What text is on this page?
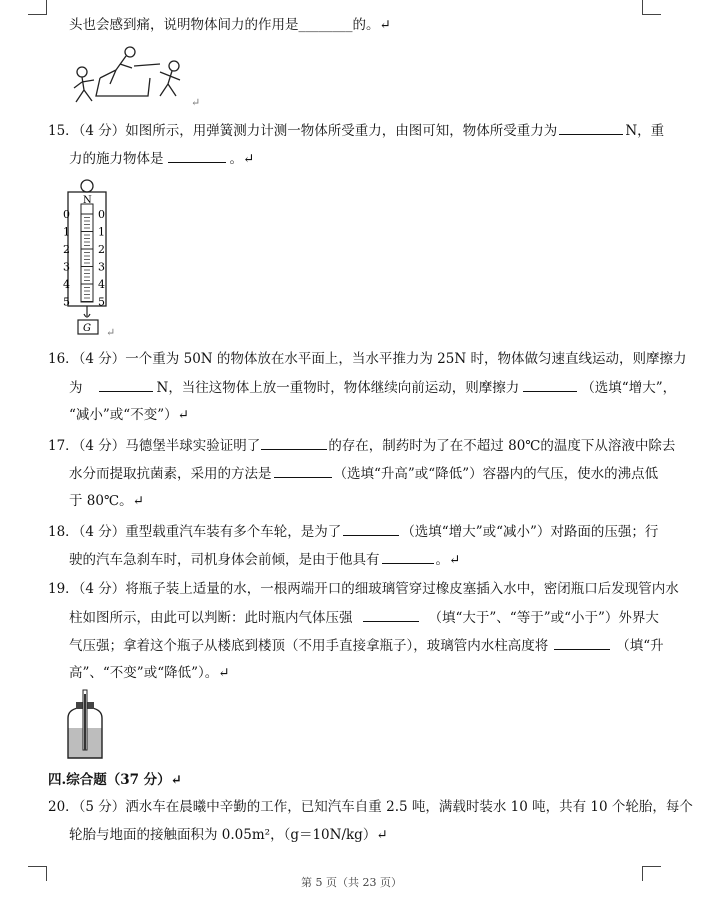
头也会感到痛，说明物体间力的作用是________的。↵
↵
15．（4 分）如图所示，用弹簧测力计测一物体所受重力，由图可知，物体所受重力为	N，重
力的施力物体是	。↵
N
0	0
1	1
2	2
3	3
4	4
5	5
G ↵
16．（4 分）一个重为 50N 的物体放在水平面上，当水平推力为 25N 时，物体做匀速直线运动，则摩擦力
为	N，当往这物体上放一重物时，物体继续向前运动，则摩擦力	（选填“增大”，
“减小”或“不变”）↵
17．（4 分）马德堡半球实验证明了	的存在，制药时为了在不超过 80℃的温度下从溶液中除去
水分而提取抗菌素，采用的方法是	（选填“升高”或“降低”）容器内的气压，使水的沸点低
于 80℃。↵
18．（4 分）重型载重汽车装有多个车轮，是为了	（选填“增大”或“减小”）对路面的压强；行
驶的汽车急刹车时，司机身体会前倾，是由于他具有	。↵
19．（4 分）将瓶子装上适量的水，一根两端开口的细玻璃管穿过橡皮塞插入水中，密闭瓶口后发现管内水
柱如图所示，由此可以判断：此时瓶内气体压强	（填“大于”、“等于”或“小于”）外界大
气压强；拿着这个瓶子从楼底到楼顶（不用手直接拿瓶子），玻璃管内水柱高度将	（填“升
高”、“不变”或“降低”）。↵
四.综合题（37 分）↵
20．（5 分）洒水车在晨曦中辛勤的工作，已知汽车自重 2.5 吨，满载时装水 10 吨，共有 10 个轮胎，每个
轮胎与地面的接触面积为 0.05m²，（g＝10N/kg）↵
第 5 页（共 23 页）
